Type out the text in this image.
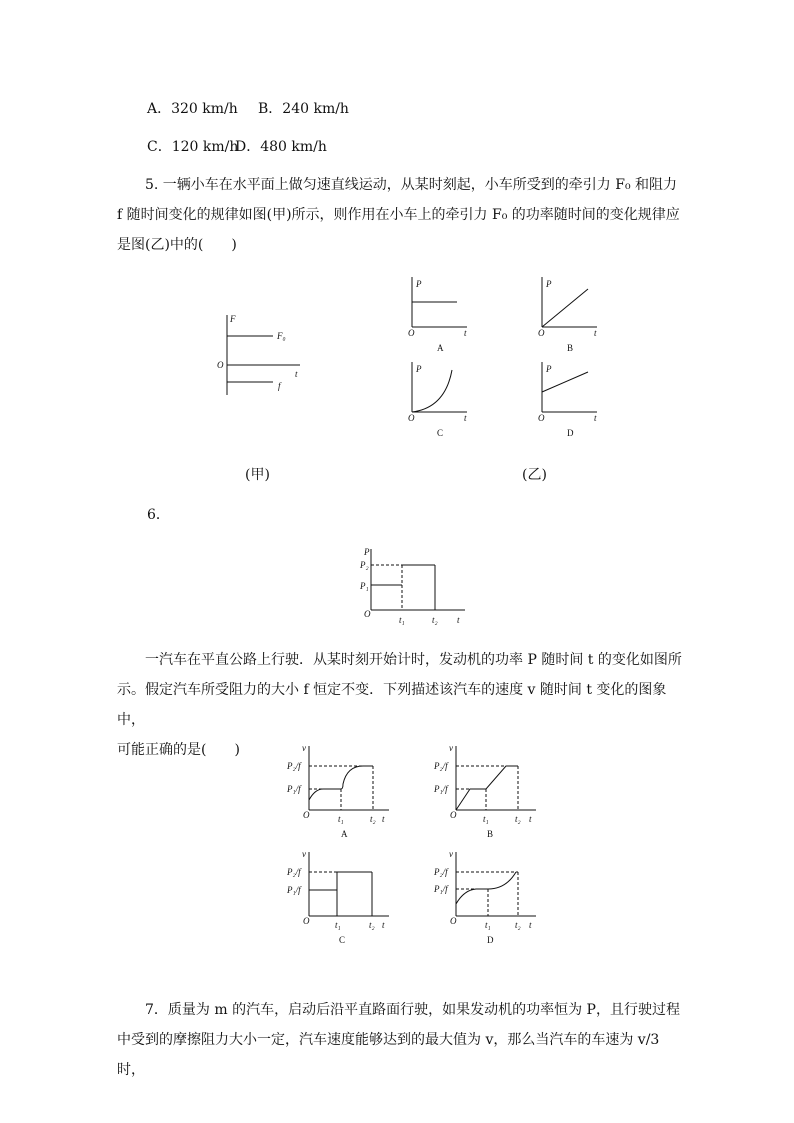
A．320 km/h B．240 km/h
C．120 km/h
D．480 km/h
5. 一辆小车在水平面上做匀速直线运动，从某时刻起，小车所受到的牵引力 F₀ 和阻力
f 随时间变化的规律如图(甲)所示，则作用在小车上的牵引力 F₀ 的功率随时间的变化规律应
是图(乙)中的(　　)
F
t
O
F₀
f
(甲)
P
t
O
A
P
t
O
B
P
t
O
C
P
t
O
D
(乙)
6．
P
P₂
P₁
O
t₁	t₂ t
一汽车在平直公路上行驶．从某时刻开始计时，发动机的功率 P 随时间 t 的变化如图所
示。假定汽车所受阻力的大小 f 恒定不变．下列描述该汽车的速度 v 随时间 t 变化的图象中，
可能正确的是(　　)	v
P₂/f
P₁/f
O	t₁	t₂ t
A
v
P₂/f
P₁/f
O	t₁	t₂ t
B
v
P₂/f
P₁/f
O	t₁	t₂ t
C
v
P₂/f
P₁/f
O	t₁	t₂ t
D
7．质量为 m 的汽车，启动后沿平直路面行驶，如果发动机的功率恒为 P，且行驶过程
中受到的摩擦阻力大小一定，汽车速度能够达到的最大值为 v，那么当汽车的车速为 v/3 时，
